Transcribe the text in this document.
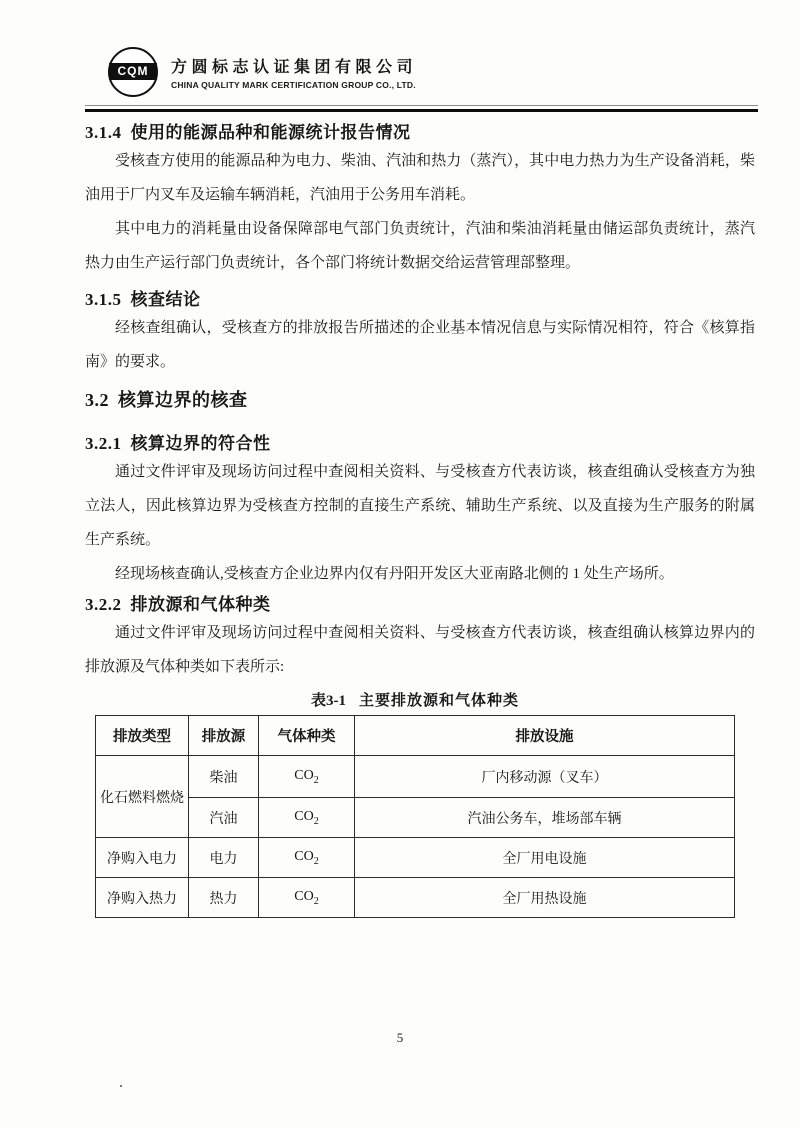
CQM	方圆标志认证集团有限公司
CHINA QUALITY MARK CERTIFICATION GROUP CO., LTD.
3.1.4 使用的能源品种和能源统计报告情况

受核查方使用的能源品种为电力、柴油、汽油和热力（蒸汽），其中电力热力为生产设备消耗，柴油用于厂内叉车及运输车辆消耗，汽油用于公务用车消耗。

其中电力的消耗量由设备保障部电气部门负责统计，汽油和柴油消耗量由储运部负责统计，蒸汽热力由生产运行部门负责统计，各个部门将统计数据交给运营管理部整理。

3.1.5 核查结论

经核查组确认，受核查方的排放报告所描述的企业基本情况信息与实际情况相符，符合《核算指南》的要求。

3.2 核算边界的核查
3.2.1 核算边界的符合性

通过文件评审及现场访问过程中查阅相关资料、与受核查方代表访谈，核查组确认受核查方为独立法人，因此核算边界为受核查方控制的直接生产系统、辅助生产系统、以及直接为生产服务的附属生产系统。

经现场核查确认,受核查方企业边界内仅有丹阳开发区大亚南路北侧的 1 处生产场所。

3.2.2 排放源和气体种类

通过文件评审及现场访问过程中查阅相关资料、与受核查方代表访谈，核查组确认核算边界内的排放源及气体种类如下表所示:

表3-1 主要排放源和气体种类
排放类型	排放源	气体种类	排放设施
化石燃料燃烧	柴油	$CO_2$	厂内移动源（叉车）
	汽油	$CO_2$	汽油公务车，堆场部车辆
净购入电力	电力	$CO_2$	全厂用电设施
净购入热力	热力	$CO_2$	全厂用热设施
5
